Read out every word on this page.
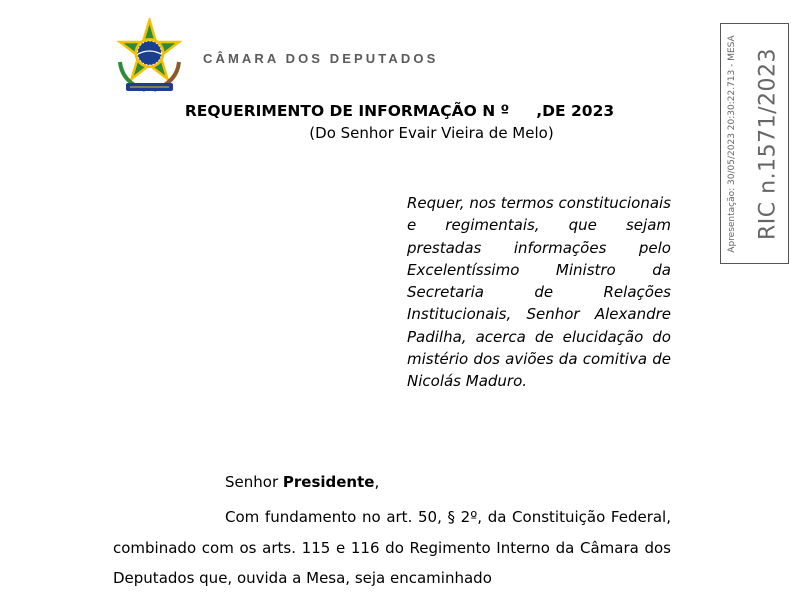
CÂMARA DOS DEPUTADOS
REQUERIMENTO DE INFORMAÇÃO N º     ,DE 2023
(Do Senhor Evair Vieira de Melo)

Requer, nos termos constitucionais e regimentais, que sejam prestadas informações pelo Excelentíssimo Ministro da Secretaria de Relações Institucionais, Senhor Alexandre Padilha, acerca de elucidação do mistério dos aviões da comitiva de Nicolás Maduro.

Senhor Presidente,

Com fundamento no art. 50, § 2º, da Constituição Federal, combinado com os arts. 115 e 116 do Regimento Interno da Câmara dos Deputados que, ouvida a Mesa, seja encaminhado

Apresentação: 30/05/2023 20:30:22.713 - MESA RIC n.1571/2023
